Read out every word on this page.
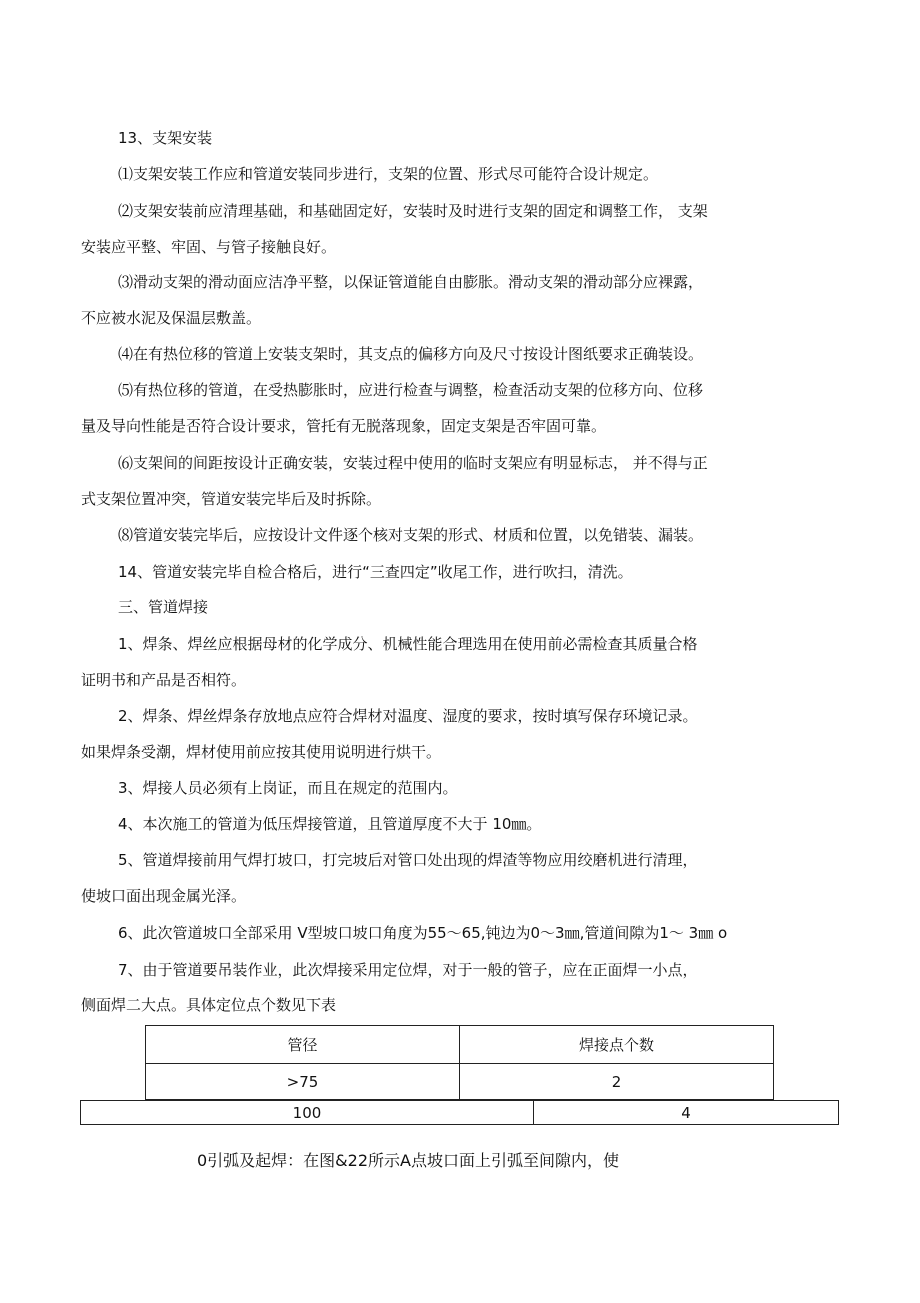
13、支架安装
⑴支架安装工作应和管道安装同步进行，支架的位置、形式尽可能符合设计规定。
⑵支架安装前应清理基础，和基础固定好，安装时及时进行支架的固定和调整工作， 支架
安装应平整、牢固、与管子接触良好。
⑶滑动支架的滑动面应洁净平整，以保证管道能自由膨胀。滑动支架的滑动部分应裸露，
不应被水泥及保温层敷盖。
⑷在有热位移的管道上安装支架时，其支点的偏移方向及尺寸按设计图纸要求正确装设。
⑸有热位移的管道，在受热膨胀时，应进行检查与调整，检查活动支架的位移方向、位移
量及导向性能是否符合设计要求，管托有无脱落现象，固定支架是否牢固可靠。
⑹支架间的间距按设计正确安装，安装过程中使用的临时支架应有明显标志， 并不得与正
式支架位置冲突，管道安装完毕后及时拆除。
⑻管道安装完毕后，应按设计文件逐个核对支架的形式、材质和位置，以免错装、漏装。
14、管道安装完毕自检合格后，进行“三查四定”收尾工作，进行吹扫，清洗。
三、管道焊接
1、焊条、焊丝应根据母材的化学成分、机械性能合理选用在使用前必需检查其质量合格
证明书和产品是否相符。
2、焊条、焊丝焊条存放地点应符合焊材对温度、湿度的要求，按时填写保存环境记录。
如果焊条受潮，焊材使用前应按其使用说明进行烘干。
3、焊接人员必须有上岗证，而且在规定的范围内。
4、本次施工的管道为低压焊接管道，且管道厚度不大于 10㎜。
5、管道焊接前用气焊打坡口，打完坡后对管口处出现的焊渣等物应用绞磨机进行清理，
使坡口面出现金属光泽。
6、此次管道坡口全部采用 V型坡口坡口角度为55～65,钝边为0～3㎜,管道间隙为1～ 3㎜ o
7、由于管道要吊装作业，此次焊接采用定位焊，对于一般的管子，应在正面焊一小点，
侧面焊二大点。具体定位点个数见下表
管径	焊接点个数
>75	2
100	4
0引弧及起焊：在图&22所示A点坡口面上引弧至间隙内，使
